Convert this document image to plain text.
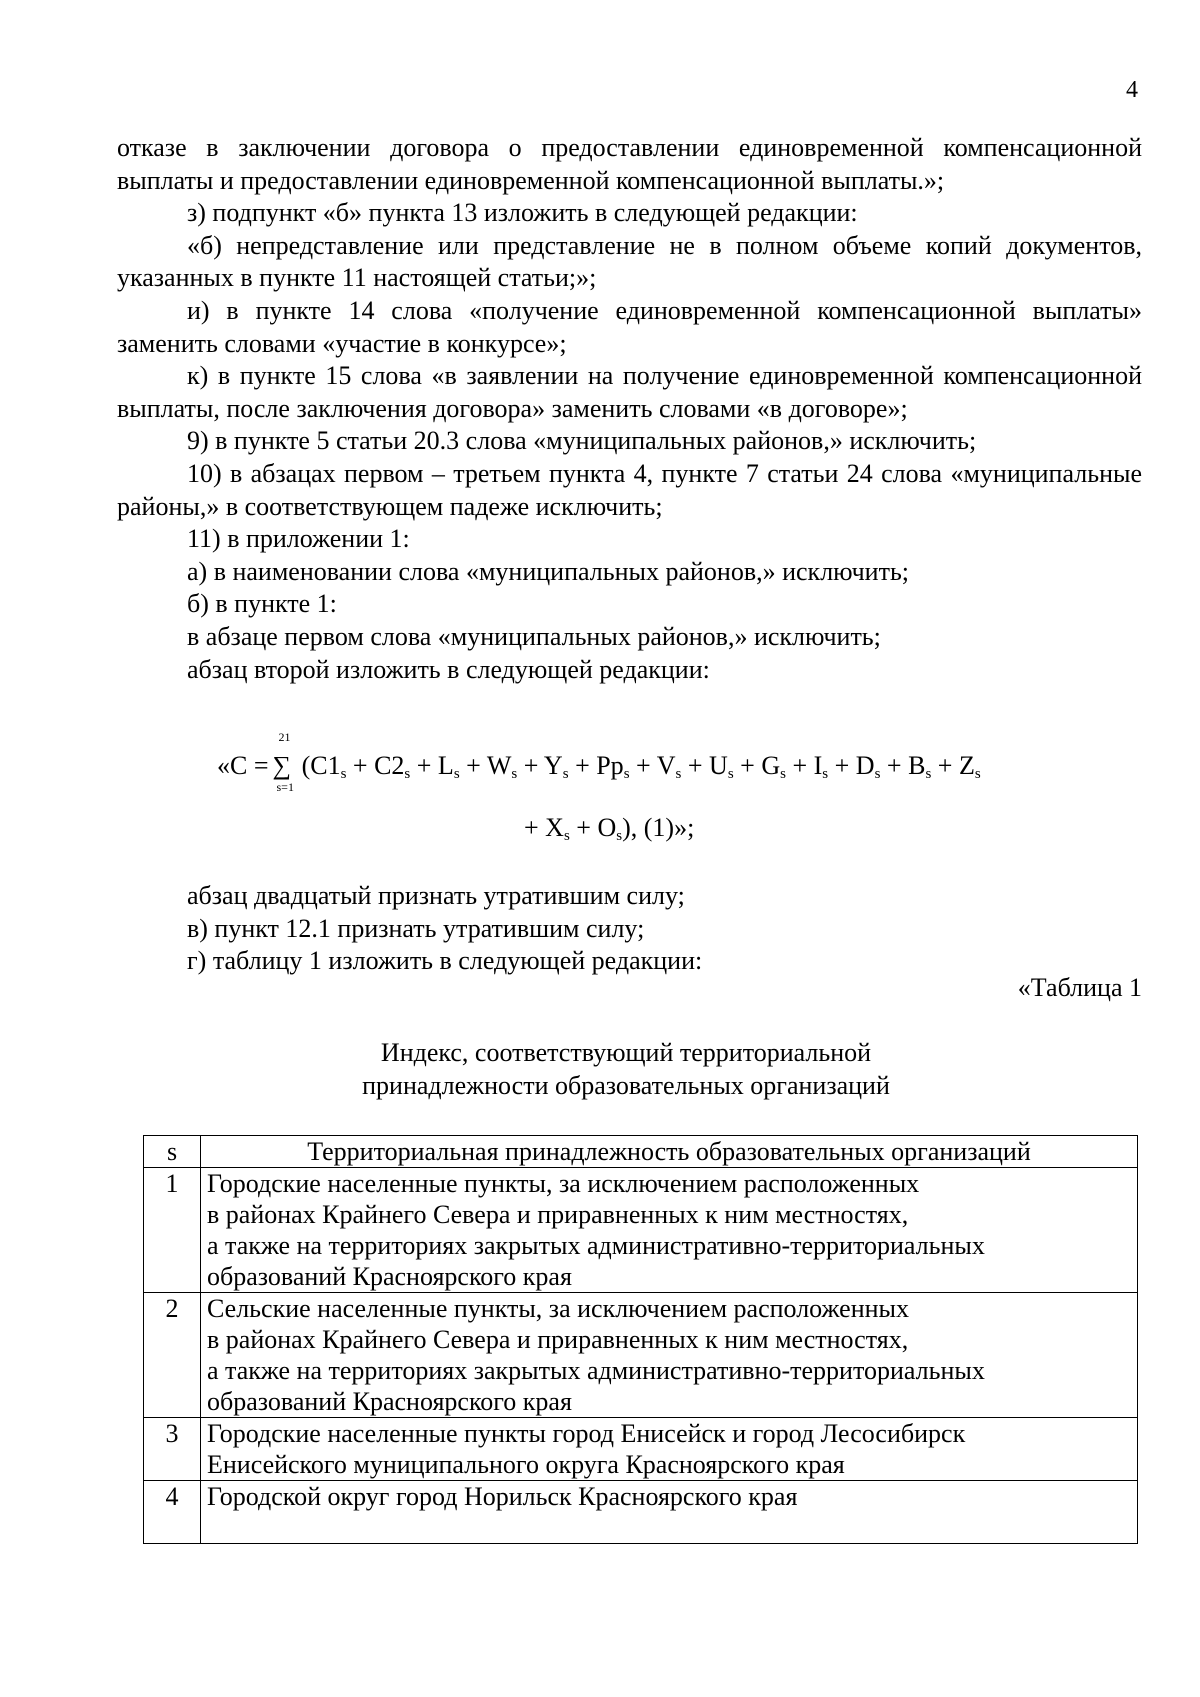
4

отказе в заключении договора о предоставлении единовременной компенсационной выплаты и предоставлении единовременной компенсационной выплаты.»;

з) подпункт «б» пункта 13 изложить в следующей редакции:

«б) непредставление или представление не в полном объеме копий документов, указанных в пункте 11 настоящей статьи;»;

и) в пункте 14 слова «получение единовременной компенсационной выплаты» заменить словами «участие в конкурсе»;

к) в пункте 15 слова «в заявлении на получение единовременной компенсационной выплаты, после заключения договора» заменить словами «в договоре»;

9) в пункте 5 статьи 20.3 слова «муниципальных районов,» исключить;

10) в абзацах первом – третьем пункта 4, пункте 7 статьи 24 слова «муниципальные районы,» в соответствующем падеже исключить;

11) в приложении 1:

а) в наименовании слова «муниципальных районов,» исключить;

б) в пункте 1:

в абзаце первом слова «муниципальных районов,» исключить;

абзац второй изложить в следующей редакции:

«C = ∑
21
s=1
($C1_s + C2_s + L_s + W_s + Y_s + Pp_s + V_s + U_s + G_s + I_s + D_s + B_s + Z_s$
+ $X_s + O_s$), (1)»;

абзац двадцатый признать утратившим силу;

в) пункт 12.1 признать утратившим силу;

г) таблицу 1 изложить в следующей редакции:

«Таблица 1
Индекс, соответствующий территориальной
принадлежности образовательных организаций
s	Территориальная принадлежность образовательных организаций
1	Городские населенные пункты, за исключением расположенных
в районах Крайнего Севера и приравненных к ним местностях,
а также на территориях закрытых административно-территориальных
образований Красноярского края

2	Сельские населенные пункты, за исключением расположенных
в районах Крайнего Севера и приравненных к ним местностях,
а также на территориях закрытых административно-территориальных
образований Красноярского края

3	Городские населенные пункты город Енисейск и город Лесосибирск
Енисейского муниципального округа Красноярского края

4	Городской округ город Норильск Красноярского края
